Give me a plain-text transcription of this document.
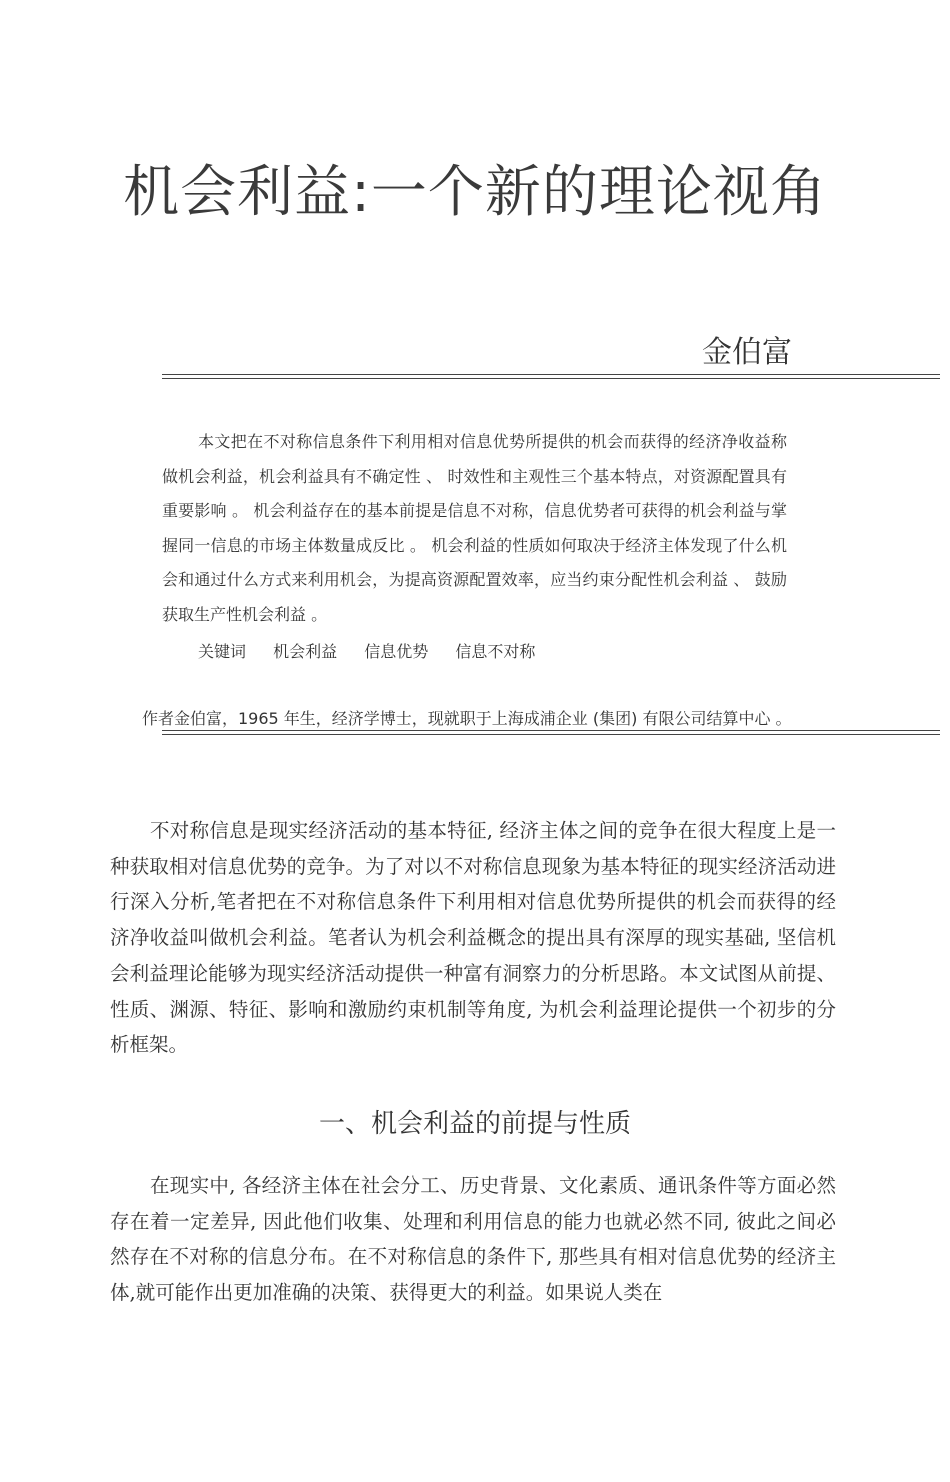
机会利益:一个新的理论视角
金伯富

本文把在不对称信息条件下利用相对信息优势所提供的机会而获得的经济净收益称做机会利益，机会利益具有不确定性 、 时效性和主观性三个基本特点，对资源配置具有重要影响 。 机会利益存在的基本前提是信息不对称，信息优势者可获得的机会利益与掌握同一信息的市场主体数量成反比 。 机会利益的性质如何取决于经济主体发现了什么机会和通过什么方式来利用机会，为提高资源配置效率，应当约束分配性机会利益 、 鼓励获取生产性机会利益 。

关键词 机会利益 信息优势 信息不对称
作者金伯富，1965 年生，经济学博士，现就职于上海成浦企业 (集团) 有限公司结算中心 。

不对称信息是现实经济活动的基本特征, 经济主体之间的竞争在很大程度上是一种获取相对信息优势的竞争。为了对以不对称信息现象为基本特征的现实经济活动进行深入分析,笔者把在不对称信息条件下利用相对信息优势所提供的机会而获得的经济净收益叫做机会利益。笔者认为机会利益概念的提出具有深厚的现实基础, 坚信机会利益理论能够为现实经济活动提供一种富有洞察力的分析思路。本文试图从前提、性质、渊源、特征、影响和激励约束机制等角度, 为机会利益理论提供一个初步的分析框架。

一、机会利益的前提与性质

在现实中, 各经济主体在社会分工、历史背景、文化素质、通讯条件等方面必然存在着一定差异, 因此他们收集、处理和利用信息的能力也就必然不同, 彼此之间必然存在不对称的信息分布。在不对称信息的条件下, 那些具有相对信息优势的经济主体,就可能作出更加准确的决策、获得更大的利益。如果说人类在
